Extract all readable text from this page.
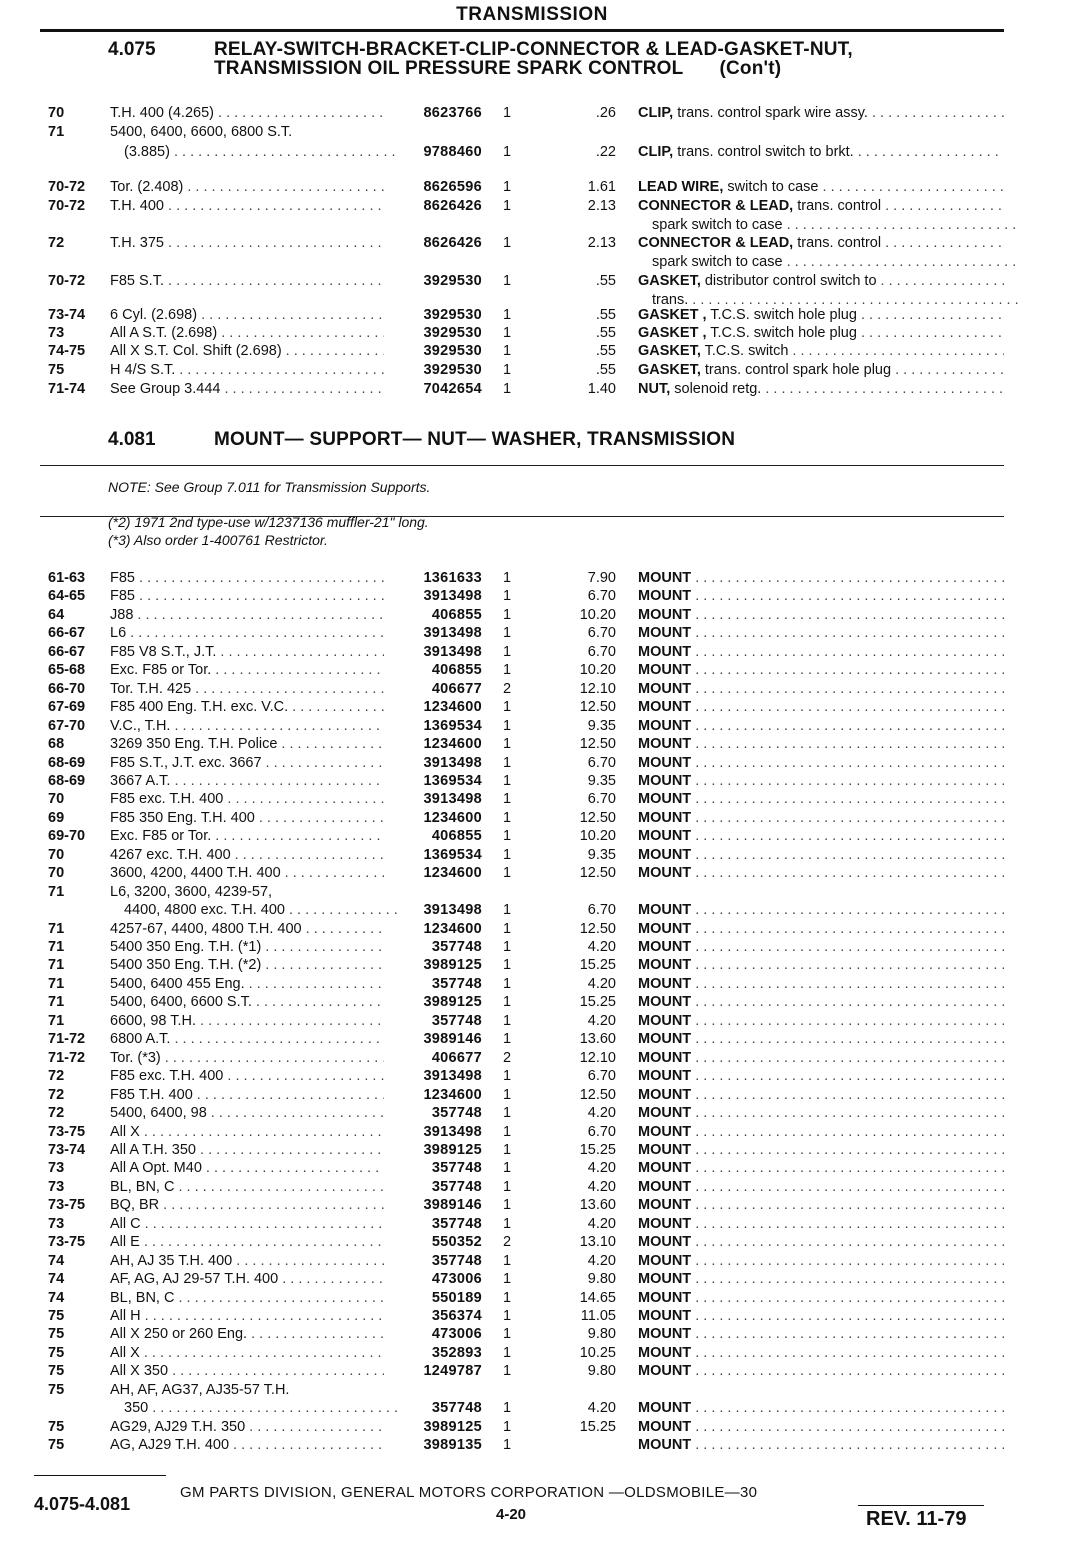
TRANSMISSION
4.075	RELAY-SWITCH-BRACKET-CLIP-CONNECTOR & LEAD-GASKET-NUT,
TRANSMISSION OIL PRESSURE SPARK CONTROL (Con't)
70	T.H. 400 (4.265) . . .	8623766	1	.26 CLIP, trans. control spark wire assy. . . .
71	5400, 6400, 6600, 6800 S.T.
(3.885) . . .	9788460	1	.22 CLIP, trans. control switch to brkt. . . .
70-72	Tor. (2.408) . . .	8626596	1	1.61 LEAD WIRE, switch to case . . .
70-72	T.H. 400 . . .	8626426	1	2.13 CONNECTOR & LEAD, trans. control . . .
spark switch to case . . .
72	T.H. 375 . . .	8626426	1	2.13 CONNECTOR & LEAD, trans. control . . .
spark switch to case . . .
70-72	F85 S.T. . . .	3929530	1	.55 GASKET, distributor control switch to . . .
trans. . . .
73-74	6 Cyl. (2.698) . . .	3929530	1	.55 GASKET , T.C.S. switch hole plug . . .
73	All A S.T. (2.698) . . .	3929530	1	.55 GASKET , T.C.S. switch hole plug . . .
74-75	All X S.T. Col. Shift (2.698) . . .	3929530	1	.55 GASKET, T.C.S. switch . . .
75	H 4/S S.T. . . .	3929530	1	.55 GASKET, trans. control spark hole plug . . .
71-74	See Group 3.444 . . .	7042654	1	1.40 NUT, solenoid retg. . . .
4.081	MOUNT— SUPPORT— NUT— WASHER, TRANSMISSION
NOTE: See Group 7.011 for Transmission Supports.
(*2) 1971 2nd type-use w/1237136 muffler-21" long.
(*3) Also order 1-400761 Restrictor.
61-63	F85 . . .	1361633	1	7.90 MOUNT . . .
64-65	F85 . . .	3913498	1	6.70 MOUNT . . .
64	J88 . . .	406855	1	10.20 MOUNT . . .
66-67	L6 . . .	3913498	1	6.70 MOUNT . . .
66-67	F85 V8 S.T., J.T. . . .	3913498	1	6.70 MOUNT . . .
65-68	Exc. F85 or Tor. . . .	406855	1	10.20 MOUNT . . .
66-70	Tor. T.H. 425 . . .	406677	2	12.10 MOUNT . . .
67-69	F85 400 Eng. T.H. exc. V.C. . . .	1234600	1	12.50 MOUNT . . .
67-70	V.C., T.H. . . .	1369534	1	9.35 MOUNT . . .
68	3269 350 Eng. T.H. Police . . .	1234600	1	12.50 MOUNT . . .
68-69	F85 S.T., J.T. exc. 3667 . . .	3913498	1	6.70 MOUNT . . .
68-69	3667 A.T. . . .	1369534	1	9.35 MOUNT . . .
70	F85 exc. T.H. 400 . . .	3913498	1	6.70 MOUNT . . .
69	F85 350 Eng. T.H. 400 . . .	1234600	1	12.50 MOUNT . . .
69-70	Exc. F85 or Tor. . . .	406855	1	10.20 MOUNT . . .
70	4267 exc. T.H. 400 . . .	1369534	1	9.35 MOUNT . . .
70	3600, 4200, 4400 T.H. 400 . . .	1234600	1	12.50 MOUNT . . .
71	L6, 3200, 3600, 4239-57,
4400, 4800 exc. T.H. 400 . . .	3913498	1	6.70 MOUNT . . .
71	4257-67, 4400, 4800 T.H. 400 . . .	1234600	1	12.50 MOUNT . . .
71	5400 350 Eng. T.H. (*1) . . .	357748	1	4.20 MOUNT . . .
71	5400 350 Eng. T.H. (*2) . . .	3989125	1	15.25 MOUNT . . .
71	5400, 6400 455 Eng. . . .	357748	1	4.20 MOUNT . . .
71	5400, 6400, 6600 S.T. . . .	3989125	1	15.25 MOUNT . . .
71	6600, 98 T.H. . . .	357748	1	4.20 MOUNT . . .
71-72	6800 A.T. . . .	3989146	1	13.60 MOUNT . . .
71-72	Tor. (*3) . . .	406677	2	12.10 MOUNT . . .
72	F85 exc. T.H. 400 . . .	3913498	1	6.70 MOUNT . . .
72	F85 T.H. 400 . . .	1234600	1	12.50 MOUNT . . .
72	5400, 6400, 98 . . .	357748	1	4.20 MOUNT . . .
73-75	All X . . .	3913498	1	6.70 MOUNT . . .
73-74	All A T.H. 350 . . .	3989125	1	15.25 MOUNT . . .
73	All A Opt. M40 . . .	357748	1	4.20 MOUNT . . .
73	BL, BN, C . . .	357748	1	4.20 MOUNT . . .
73-75	BQ, BR . . .	3989146	1	13.60 MOUNT . . .
73	All C . . .	357748	1	4.20 MOUNT . . .
73-75	All E . . .	550352	2	13.10 MOUNT . . .
74	AH, AJ 35 T.H. 400 . . .	357748	1	4.20 MOUNT . . .
74	AF, AG, AJ 29-57 T.H. 400 . . .	473006	1	9.80 MOUNT . . .
74	BL, BN, C . . .	550189	1	14.65 MOUNT . . .
75	All H . . .	356374	1	11.05 MOUNT . . .
75	All X 250 or 260 Eng. . . .	473006	1	9.80 MOUNT . . .
75	All X . . .	352893	1	10.25 MOUNT . . .
75	All X 350 . . .	1249787	1	9.80 MOUNT . . .
75	AH, AF, AG37, AJ35-57 T.H.
350 . . .	357748	1	4.20 MOUNT . . .
75	AG29, AJ29 T.H. 350 . . .	3989125	1	15.25 MOUNT . . .
75	AG, AJ29 T.H. 400 . . .	3989135	1	MOUNT . . .
4.075-4.081
GM PARTS DIVISION, GENERAL MOTORS CORPORATION —OLDSMOBILE—30
4-20	REV. 11-79
